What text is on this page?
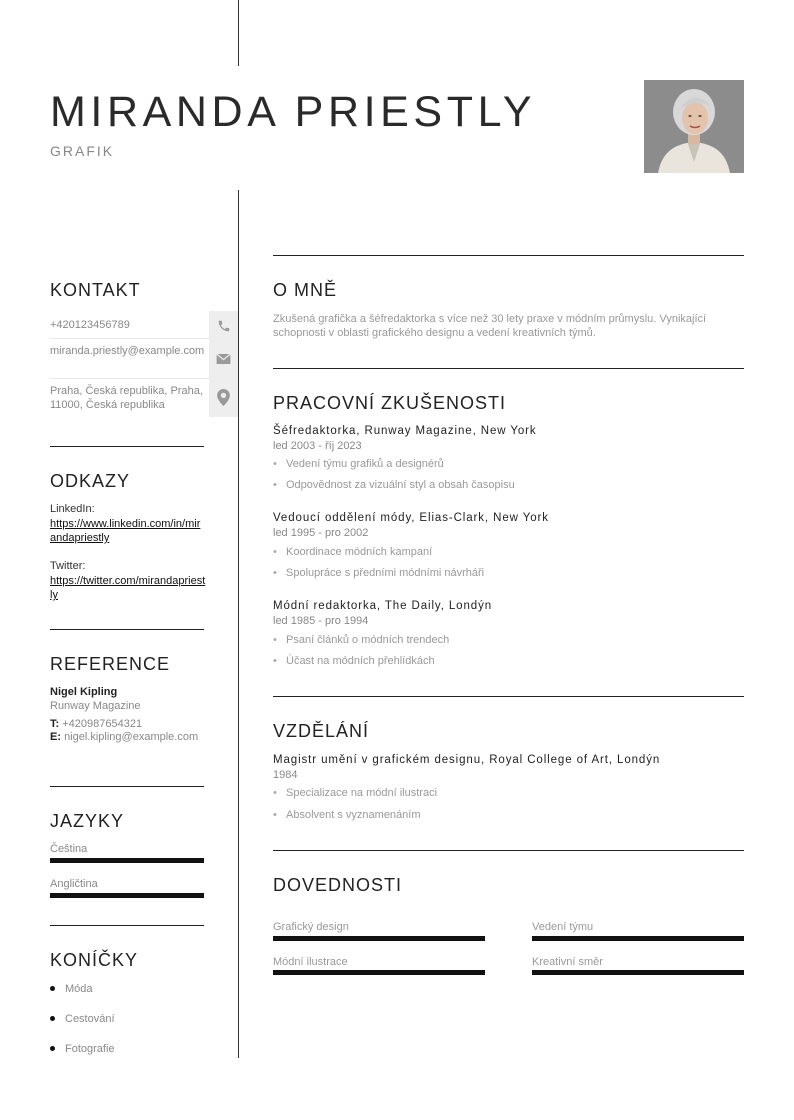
MIRANDA PRIESTLY
GRAFIK
KONTAKT
+420123456789
miranda.priestly@example.com
Praha, Česká republika, Praha, 11000, Česká republika
ODKAZY
LinkedIn:
https://www.linkedin.com/in/mirandapriestly
Twitter:
https://twitter.com/mirandapriestly
REFERENCE
Nigel Kipling
Runway Magazine
T: +420987654321
E: nigel.kipling@example.com
JAZYKY
Čeština
Angličtina
KONÍČKY
Móda
Cestování
Fotografie
O MNĚ
Zkušená grafička a šéfredaktorka s více než 30 lety praxe v módním průmyslu. Vynikající schopnosti v oblasti grafického designu a vedení kreativních týmů.
PRACOVNÍ ZKUŠENOSTI
Šéfredaktorka, Runway Magazine, New York
led 2003 - říj 2023
• Vedení týmu grafiků a designérů
• Odpovědnost za vizuální styl a obsah časopisu
Vedoucí oddělení módy, Elias-Clark, New York
led 1995 - pro 2002
• Koordinace módních kampaní
• Spolupráce s předními módními návrháři
Módní redaktorka, The Daily, Londýn
led 1985 - pro 1994
• Psaní článků o módních trendech
• Účast na módních přehlídkách
VZDĚLÁNÍ
Magistr umění v grafickém designu, Royal College of Art, Londýn
1984
• Specializace na módní ilustraci
• Absolvent s vyznamenáním
DOVEDNOSTI
Grafický design	Vedení týmu
Módní ilustrace	Kreativní směr
